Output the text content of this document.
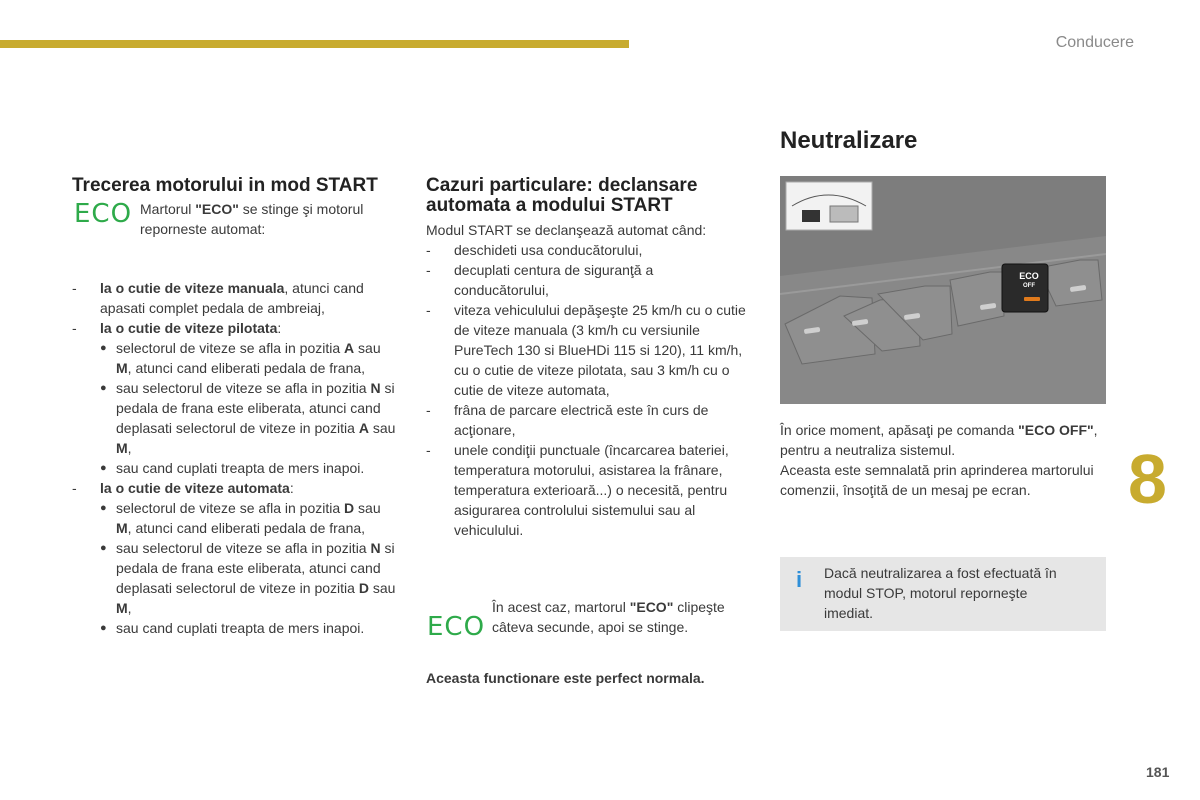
Conducere
8
181
Trecerea motorului in mod START
ECO Martorul "ECO" se stinge şi motorul reporneste automat:
- la o cutie de viteze manuala, atunci cand apasati complet pedala de ambreiaj,
- la o cutie de viteze pilotata:
● selectorul de viteze se afla in pozitia A sau M, atunci cand eliberati pedala de frana,
● sau selectorul de viteze se afla in pozitia N si pedala de frana este eliberata, atunci cand deplasati selectorul de viteze in pozitia A sau M,
● sau cand cuplati treapta de mers inapoi.
- la o cutie de viteze automata:
● selectorul de viteze se afla in pozitia D sau M, atunci cand eliberati pedala de frana,
● sau selectorul de viteze se afla in pozitia N si pedala de frana este eliberata, atunci cand deplasati selectorul de viteze in pozitia D sau M,
● sau cand cuplati treapta de mers inapoi.
Cazuri particulare: declansare automata a modului START
Modul START se declanşează automat când:
- deschideti usa conducătorului,
- decuplati centura de siguranţă a conducătorului,
- viteza vehiculului depăşeşte 25 km/h cu o cutie de viteze manuala (3 km/h cu versiunile PureTech 130 si BlueHDi 115 si 120), 11 km/h, cu o cutie de viteze pilotata, sau 3 km/h cu o cutie de viteze automata,
- frâna de parcare electrică este în curs de acţionare,
- unele condiţii punctuale (încarcarea bateriei, temperatura motorului, asistarea la frânare, temperatura exterioară...) o necesită, pentru asigurarea controlului sistemului sau al vehiculului.
ECO
În acest caz, martorul "ECO" clipeşte câteva secunde, apoi se stinge.
Aceasta functionare este perfect normala.
Neutralizare
ECO
OFF
În orice moment, apăsaţi pe comanda "ECO OFF", pentru a neutraliza sistemul.
Aceasta este semnalată prin aprinderea martorului comenzii, însoţită de un mesaj pe ecran.
i Dacă neutralizarea a fost efectuată în modul STOP, motorul reporneşte imediat.
